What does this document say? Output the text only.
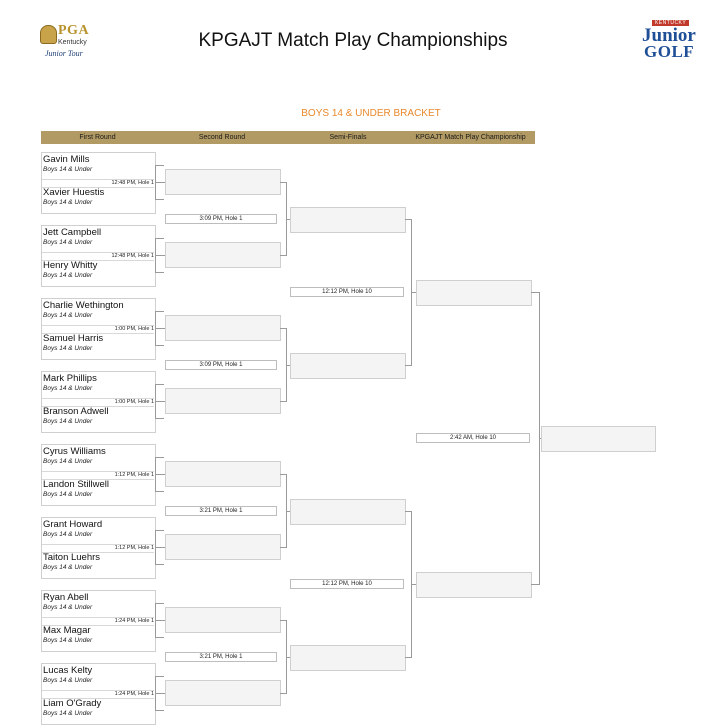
PGA
Kentucky
Junior Tour
KPGAJT Match Play Championships
KENTUCKY
Junior
GOLF
BOYS 14 & UNDER BRACKET
First Round	Second Round	Semi-Finals	KPGAJT Match Play Championship
Gavin Mills
Boys 14 & Under
12:48 PM, Hole 1
Xavier Huestis
Boys 14 & Under
Jett Campbell
Boys 14 & Under
12:48 PM, Hole 1
Henry Whitty
Boys 14 & Under
Charlie Wethington
Boys 14 & Under
1:00 PM, Hole 1
Samuel Harris
Boys 14 & Under
Mark Phillips
Boys 14 & Under
1:00 PM, Hole 1
Branson Adwell
Boys 14 & Under
Cyrus Williams
Boys 14 & Under
1:12 PM, Hole 1
Landon Stillwell
Boys 14 & Under
Grant Howard
Boys 14 & Under
1:12 PM, Hole 1
Taiton Luehrs
Boys 14 & Under
Ryan Abell
Boys 14 & Under
1:24 PM, Hole 1
Max Magar
Boys 14 & Under
Lucas Kelty
Boys 14 & Under
1:24 PM, Hole 1
Liam O'Grady
Boys 14 & Under
3:09 PM, Hole 1
3:09 PM, Hole 1
3:21 PM, Hole 1
3:21 PM, Hole 1
12:12 PM, Hole 10
12:12 PM, Hole 10
2:42 AM, Hole 10
